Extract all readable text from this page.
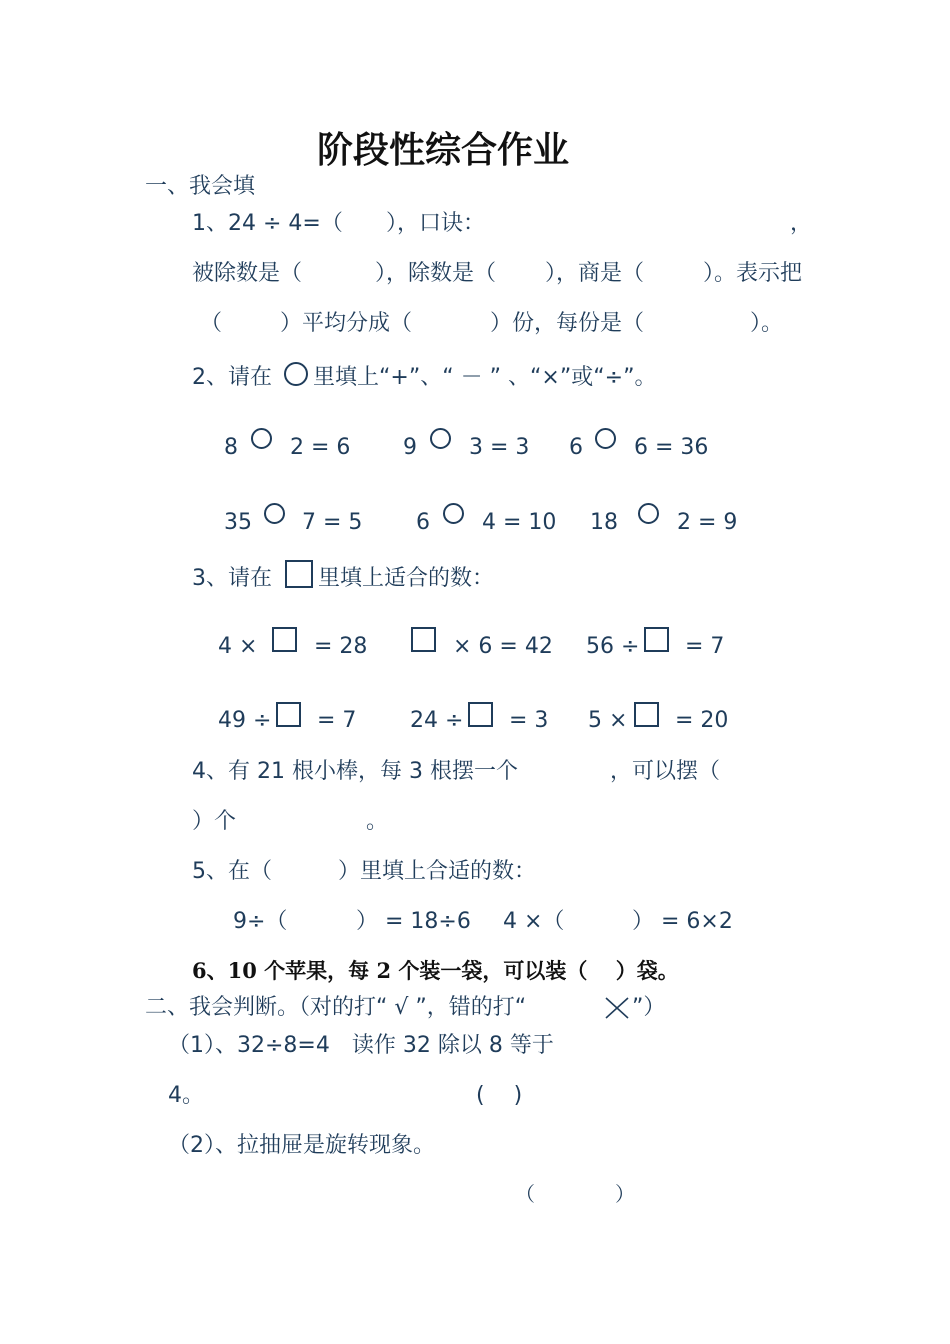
阶段性综合作业
一、我会填
1、24 ÷ 4=（ ），口诀：	，
被除数是（	），除数是（ ），商是（	）。表示把
（	）平均分成（	）份，每份是（	）。
2、请在 里填上“+”、“ － ” 、“×”或“÷”。
8 2 = 6 9 3 = 3 6 6 = 36
35 7 = 5 6 4 = 10 18	2 = 9
3、请在 里填上适合的数：
4 ×	= 28	× 6 = 42 56 ÷ = 7
49 ÷ = 7 24 ÷ = 3 5 × = 20
4、有 21 根小棒，每 3 根摆一个	，可以摆（
）个	。
5、在（　　　）里填上合适的数：
9÷（	） = 18÷6 4 ×（	） = 6×2
6、10 个苹果，每 2 个装一袋，可以装（　 ）袋。
二、我会判断。（对的打“ √ ”，错的打“	”）
（1）、32÷8=4　读作 32 除以 8 等于
4。	(　 )
（2）、拉抽屉是旋转现象。
（　　　　）
